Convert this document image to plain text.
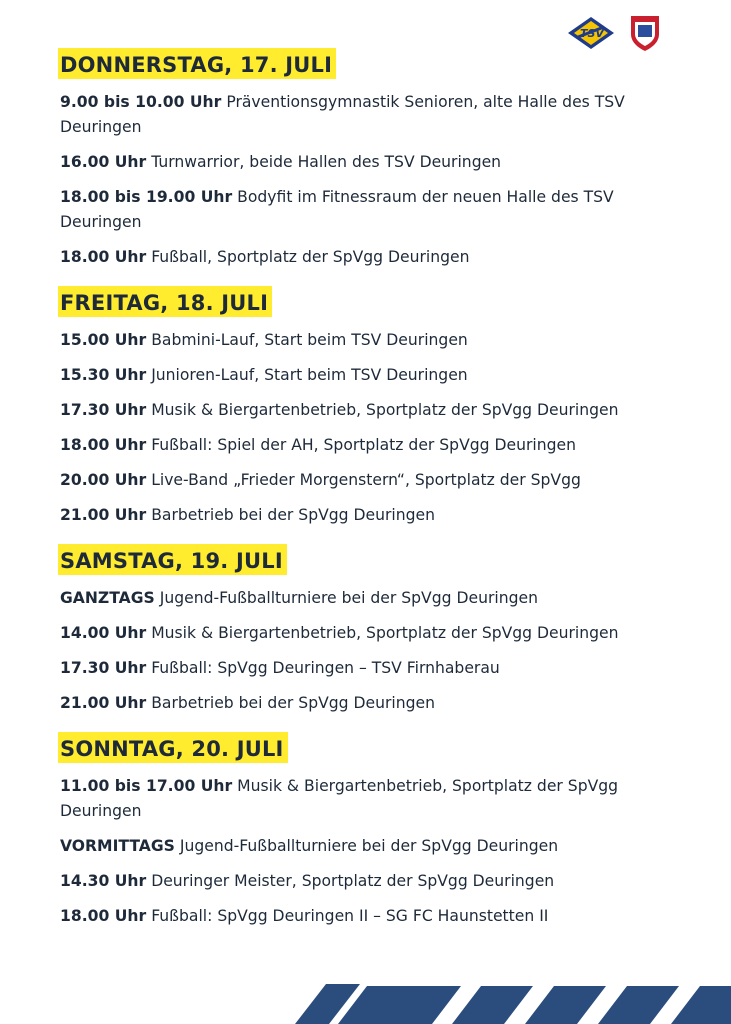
TSV
DONNERSTAG, 17. JULI

9.00 bis 10.00 Uhr Präventionsgymnastik Senioren, alte Halle des TSV Deuringen

16.00 Uhr Turnwarrior, beide Hallen des TSV Deuringen

18.00 bis 19.00 Uhr Bodyfit im Fitnessraum der neuen Halle des TSV Deuringen

18.00 Uhr Fußball, Sportplatz der SpVgg Deuringen

FREITAG, 18. JULI

15.00 Uhr Babmini-Lauf, Start beim TSV Deuringen

15.30 Uhr Junioren-Lauf, Start beim TSV Deuringen

17.30 Uhr Musik & Biergartenbetrieb, Sportplatz der SpVgg Deuringen

18.00 Uhr Fußball: Spiel der AH, Sportplatz der SpVgg Deuringen

20.00 Uhr Live-Band „Frieder Morgenstern“, Sportplatz der SpVgg

21.00 Uhr Barbetrieb bei der SpVgg Deuringen

SAMSTAG, 19. JULI

GANZTAGS Jugend-Fußballturniere bei der SpVgg Deuringen

14.00 Uhr Musik & Biergartenbetrieb, Sportplatz der SpVgg Deuringen

17.30 Uhr Fußball: SpVgg Deuringen – TSV Firnhaberau

21.00 Uhr Barbetrieb bei der SpVgg Deuringen

SONNTAG, 20. JULI

11.00 bis 17.00 Uhr Musik & Biergartenbetrieb, Sportplatz der SpVgg Deuringen

VORMITTAGS Jugend-Fußballturniere bei der SpVgg Deuringen

14.30 Uhr Deuringer Meister, Sportplatz der SpVgg Deuringen

18.00 Uhr Fußball: SpVgg Deuringen II – SG FC Haunstetten II
